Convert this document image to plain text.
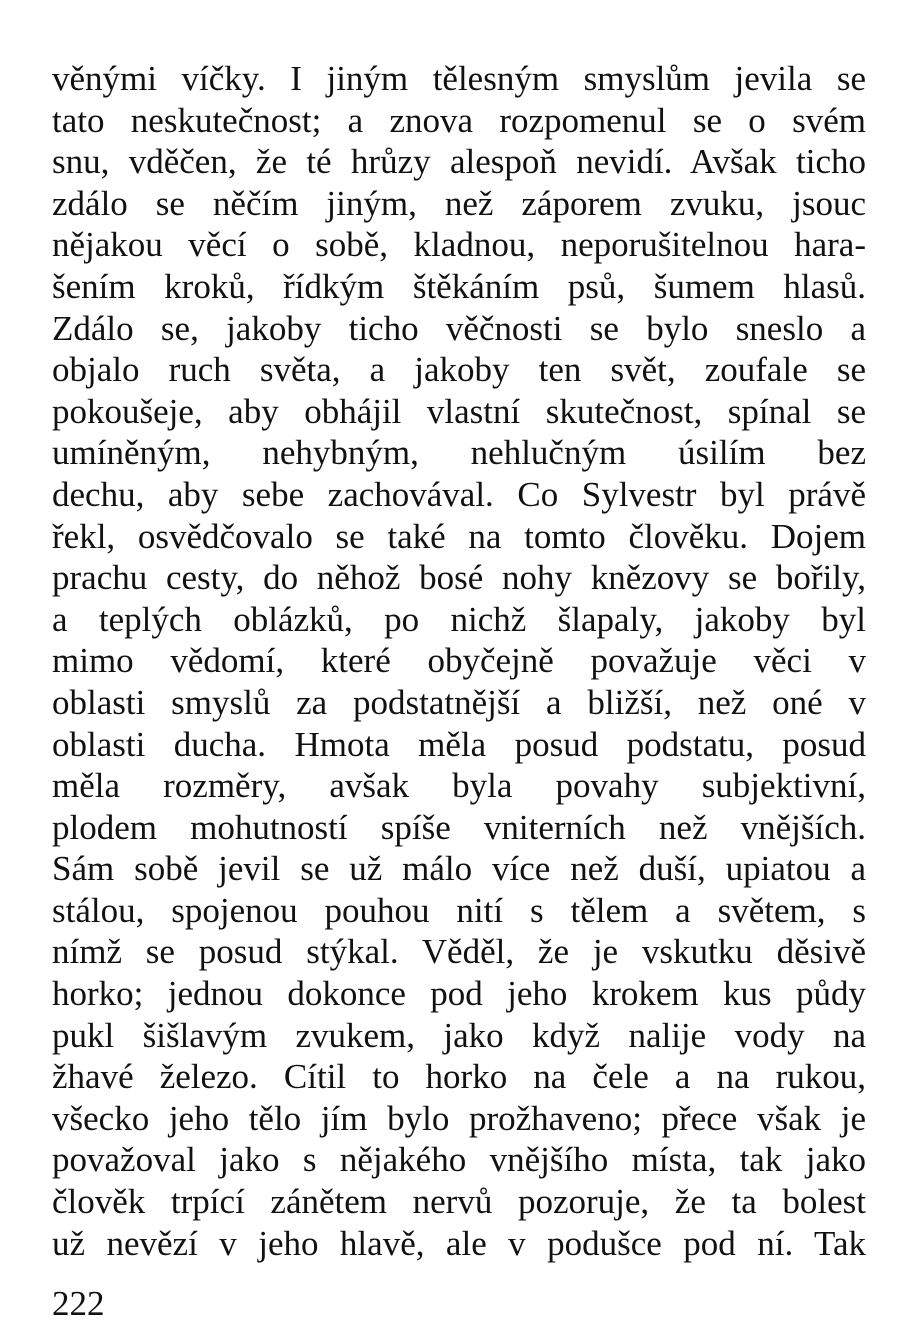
věnými víčky. I jiným tělesným smyslům jevila se
tato neskutečnost; a znova rozpomenul se o svém
snu, vděčen, že té hrůzy alespoň nevidí. Avšak ticho
zdálo se něčím jiným, než záporem zvuku, jsouc
nějakou věcí o sobě, kladnou, neporušitelnou hara-
šením kroků, řídkým štěkáním psů, šumem hlasů.
Zdálo se, jakoby ticho věčnosti se bylo sneslo a
objalo ruch světa, a jakoby ten svět, zoufale se
pokoušeje, aby obhájil vlastní skutečnost, spínal se
umíněným, nehybným, nehlučným úsilím bez
dechu, aby sebe zachovával. Co Sylvestr byl právě
řekl, osvědčovalo se také na tomto člověku. Dojem
prachu cesty, do něhož bosé nohy knězovy se bořily,
a teplých oblázků, po nichž šlapaly, jakoby byl
mimo vědomí, které obyčejně považuje věci v
oblasti smyslů za podstatnější a bližší, než oné v
oblasti ducha. Hmota měla posud podstatu, posud
měla rozměry, avšak byla povahy subjektivní,
plodem mohutností spíše vniterních než vnějších.
Sám sobě jevil se už málo více než duší, upiatou a
stálou, spojenou pouhou nití s tělem a světem, s
nímž se posud stýkal. Věděl, že je vskutku děsivě
horko; jednou dokonce pod jeho krokem kus půdy
pukl šišlavým zvukem, jako když nalije vody na
žhavé železo. Cítil to horko na čele a na rukou,
všecko jeho tělo jím bylo prožhaveno; přece však je
považoval jako s nějakého vnějšího místa, tak jako
člověk trpící zánětem nervů pozoruje, že ta bolest
už nevězí v jeho hlavě, ale v podušce pod ní. Tak
222
